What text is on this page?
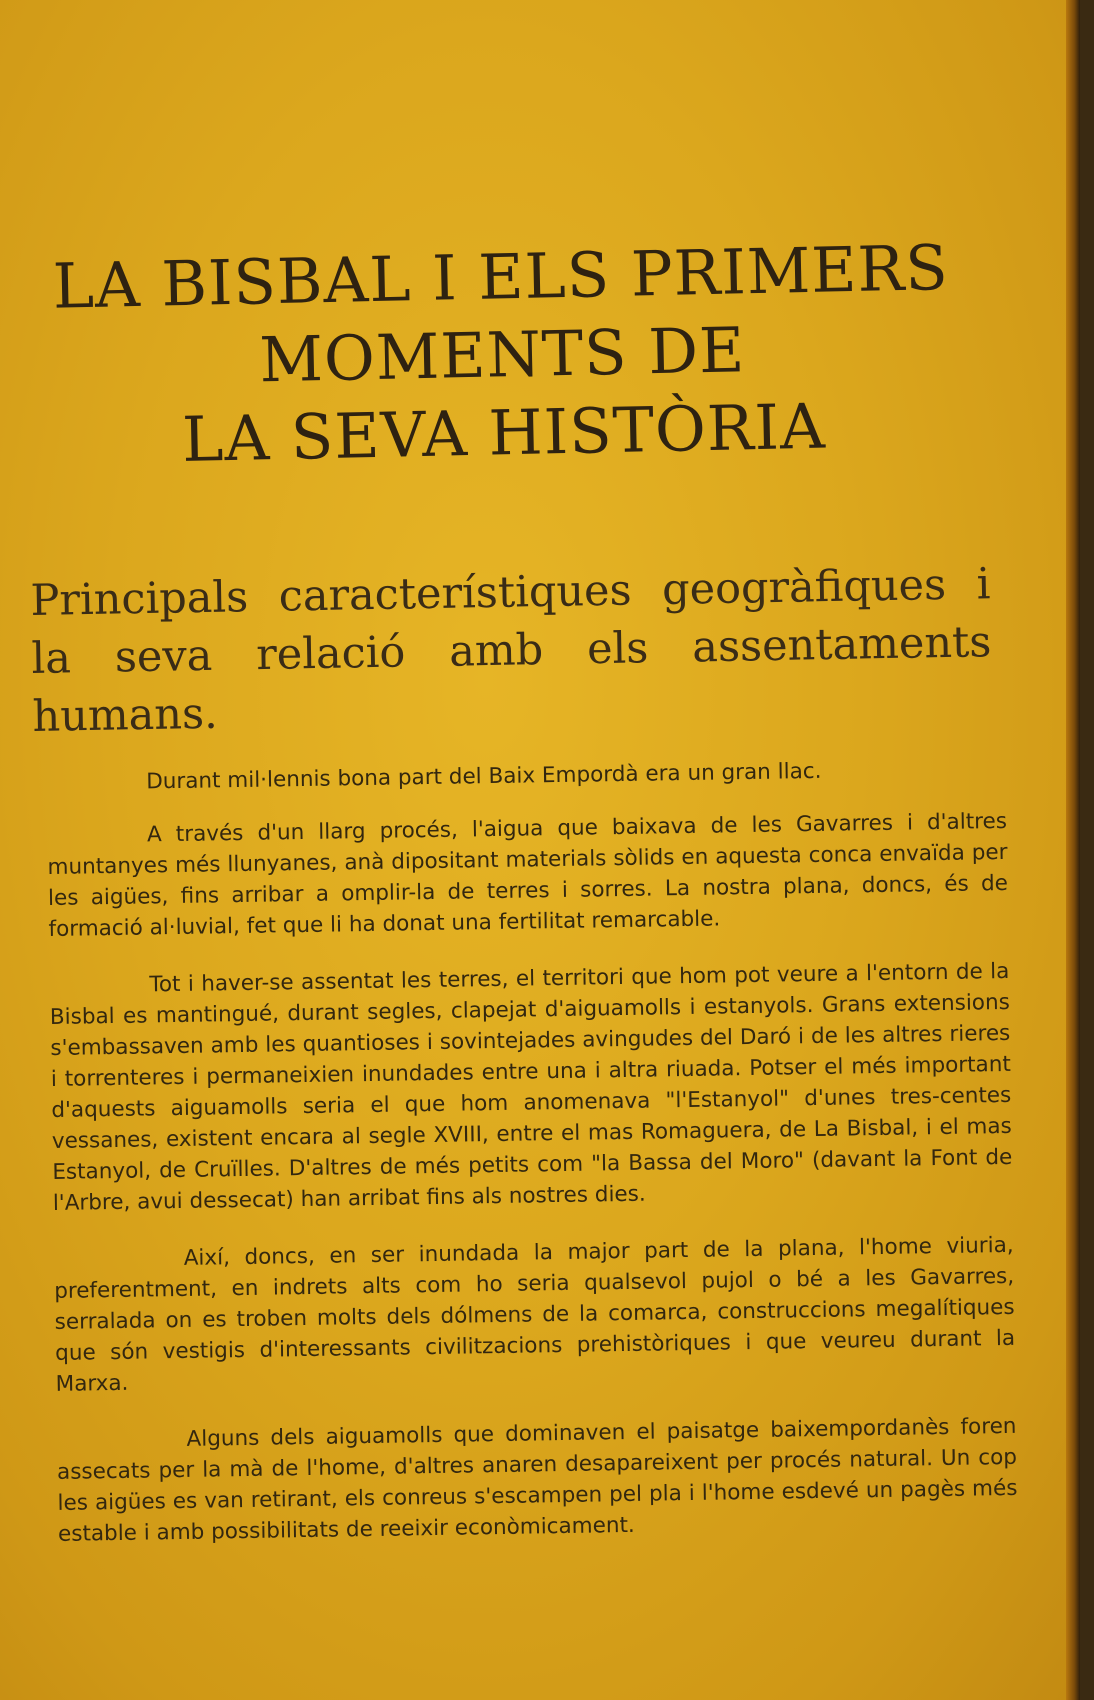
LA BISBAL I ELS PRIMERS
MOMENTS DE
LA SEVA HISTÒRIA
Principals característiques geogràfiques i
la seva relació amb els assentaments
humans.

Durant mil·lennis bona part del Baix Empordà era un gran llac.

A través d'un llarg procés, l'aigua que baixava de les Gavarres i d'altres muntanyes més llunyanes, anà dipositant materials sòlids en aquesta conca envaïda per les aigües, fins arribar a omplir-la de terres i sorres. La nostra plana, doncs, és de formació al·luvial, fet que li ha donat una fertilitat remarcable.

Tot i haver-se assentat les terres, el territori que hom pot veure a l'entorn de la Bisbal es mantingué, durant segles, clapejat d'aiguamolls i estanyols. Grans extensions s'embassaven amb les quantioses i sovintejades avingudes del Daró i de les altres rieres i torrenteres i permaneixien inundades entre una i altra riuada. Potser el més important d'aquests aiguamolls seria el que hom anomenava "l'Estanyol" d'unes tres-centes vessanes, existent encara al segle XVIII, entre el mas Romaguera, de La Bisbal, i el mas Estanyol, de Cruïlles. D'altres de més petits com "la Bassa del Moro" (davant la Font de l'Arbre, avui dessecat) han arribat fins als nostres dies.

Així, doncs, en ser inundada la major part de la plana, l'home viuria, preferentment, en indrets alts com ho seria qualsevol pujol o bé a les Gavarres, serralada on es troben molts dels dólmens de la comarca, construccions megalítiques que són vestigis d'interessants civilitzacions prehistòriques i que veureu durant la Marxa.

Alguns dels aiguamolls que dominaven el paisatge baixempordanès foren assecats per la mà de l'home, d'altres anaren desapareixent per procés natural. Un cop les aigües es van retirant, els conreus s'escampen pel pla i l'home esdevé un pagès més estable i amb possibilitats de reeixir econòmicament.
